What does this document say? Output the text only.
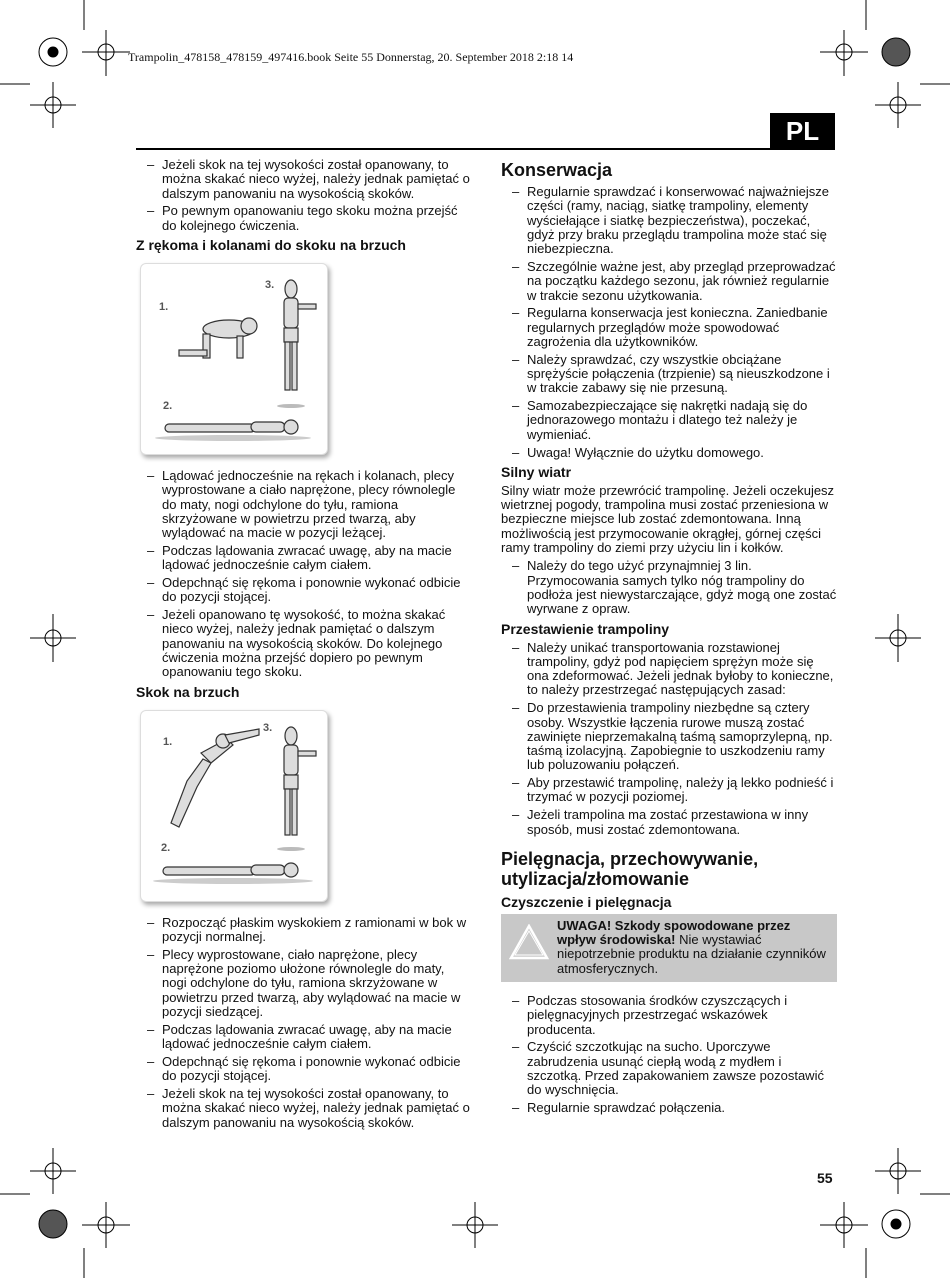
Trampolin_478158_478159_497416.book Seite 55 Donnerstag, 20. September 2018 2:18 14
PL
– Jeżeli skok na tej wysokości został opanowany, to można skakać nieco wyżej, należy jednak pamiętać o dalszym panowaniu na wysokością skoków.
– Po pewnym opanowaniu tego skoku można przejść do kolejnego ćwiczenia.
Z rękoma i kolanami do skoku na brzuch
1.
2.
3.
– Lądować jednocześnie na rękach i kolanach, plecy wyprostowane a ciało naprężone, plecy równolegle do maty, nogi odchylone do tyłu, ramiona skrzyżowane w powietrzu przed twarzą, aby wylądować na macie w pozycji leżącej.
– Podczas lądowania zwracać uwagę, aby na macie lądować jednocześnie całym ciałem.
– Odepchnąć się rękoma i ponownie wykonać odbicie do pozycji stojącej.
– Jeżeli opanowano tę wysokość, to można skakać nieco wyżej, należy jednak pamiętać o dalszym panowaniu na wysokością skoków. Do kolejnego ćwiczenia można przejść dopiero po pewnym opanowaniu tego skoku.
Skok na brzuch
1.
2.
3.
– Rozpocząć płaskim wyskokiem z ramionami w bok w pozycji normalnej.
– Plecy wyprostowane, ciało naprężone, plecy naprężone poziomo ułożone równolegle do maty, nogi odchylone do tyłu, ramiona skrzyżowane w powietrzu przed twarzą, aby wylądować na macie w pozycji siedzącej.
– Podczas lądowania zwracać uwagę, aby na macie lądować jednocześnie całym ciałem.
– Odepchnąć się rękoma i ponownie wykonać odbicie do pozycji stojącej.
– Jeżeli skok na tej wysokości został opanowany, to można skakać nieco wyżej, należy jednak pamiętać o dalszym panowaniu na wysokością skoków.
Konserwacja
– Regularnie sprawdzać i konserwować najważniejsze części (ramy, naciąg, siatkę trampoliny, elementy wyściełające i siatkę bezpieczeństwa), poczekać, gdyż przy braku przeglądu trampolina może stać się niebezpieczna.
– Szczególnie ważne jest, aby przegląd przeprowadzać na początku każdego sezonu, jak również regularnie w trakcie sezonu użytkowania.
– Regularna konserwacja jest konieczna. Zaniedbanie regularnych przeglądów może spowodować zagrożenia dla użytkowników.
– Należy sprawdzać, czy wszystkie obciążane sprężyście połączenia (trzpienie) są nieuszkodzone i w trakcie zabawy się nie przesuną.
– Samozabezpieczające się nakrętki nadają się do jednorazowego montażu i dlatego też należy je wymieniać.
– Uwaga! Wyłącznie do użytku domowego.
Silny wiatr

Silny wiatr może przewrócić trampolinę. Jeżeli oczekujesz wietrznej pogody, trampolina musi zostać przeniesiona w bezpieczne miejsce lub zostać zdemontowana. Inną możliwością jest przymocowanie okrągłej, górnej części ramy trampoliny do ziemi przy użyciu lin i kołków.

– Należy do tego użyć przynajmniej 3 lin. Przymocowania samych tylko nóg trampoliny do podłoża jest niewystarczające, gdyż mogą one zostać wyrwane z opraw.
Przestawienie trampoliny
– Należy unikać transportowania rozstawionej trampoliny, gdyż pod napięciem sprężyn może się ona zdeformować. Jeżeli jednak byłoby to konieczne, to należy przestrzegać następujących zasad:
– Do przestawienia trampoliny niezbędne są cztery osoby. Wszystkie łączenia rurowe muszą zostać zawinięte nieprzemakalną taśmą samoprzylepną, np. taśmą izolacyjną. Zapobiegnie to uszkodzeniu ramy lub poluzowaniu połączeń.
– Aby przestawić trampolinę, należy ją lekko podnieść i trzymać w pozycji poziomej.
– Jeżeli trampolina ma zostać przestawiona w inny sposób, musi zostać zdemontowana.
Pielęgnacja, przechowywanie, utylizacja/złomowanie
Czyszczenie i pielęgnacja
UWAGA! Szkody spowodowane przez wpływ środowiska! Nie wystawiać niepotrzebnie produktu na działanie czynników atmosferycznych.
– Podczas stosowania środków czyszczących i pielęgnacyjnych przestrzegać wskazówek producenta.
– Czyścić szczotkując na sucho. Uporczywe zabrudzenia usunąć ciepłą wodą z mydłem i szczotką. Przed zapakowaniem zawsze pozostawić do wyschnięcia.
– Regularnie sprawdzać połączenia.
55
